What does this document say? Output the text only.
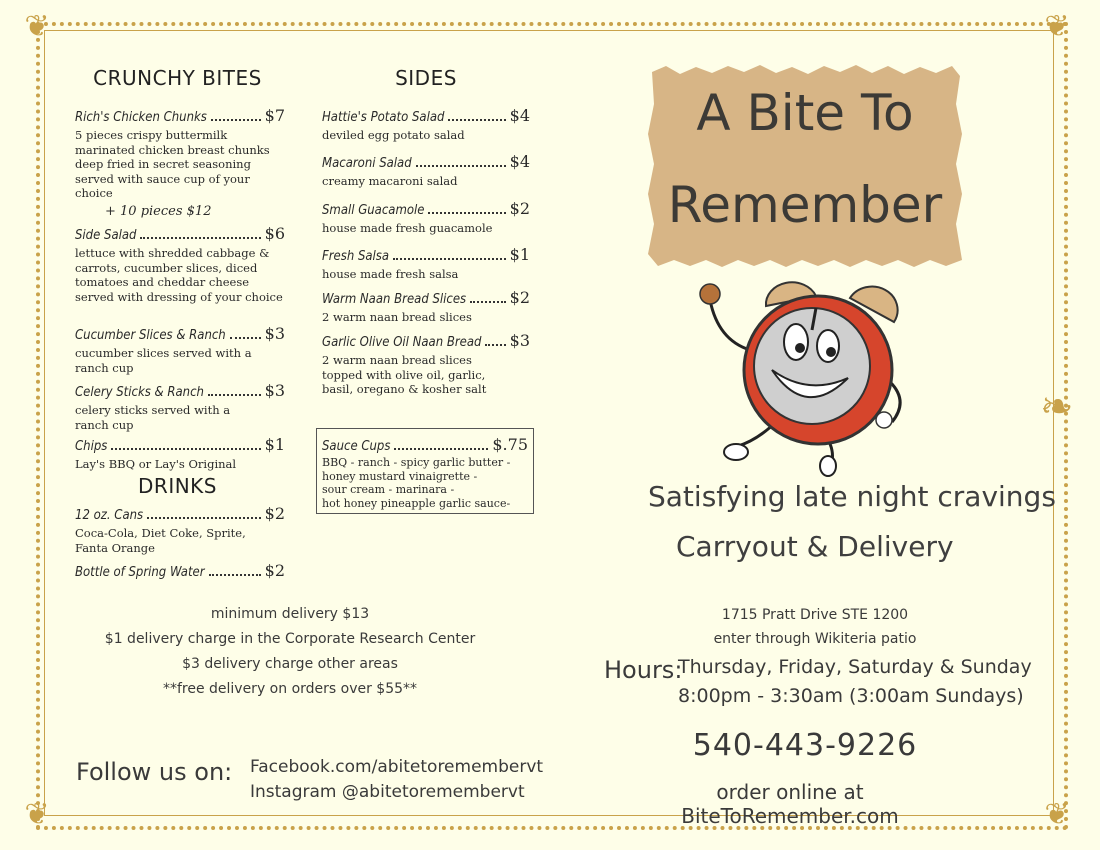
❦	❦
❦	❦
❧
CRUNCHY BITES
Rich's Chicken Chunks	$7
5 pieces crispy buttermilk marinated chicken breast chunks deep fried in secret seasoning served with sauce cup of your choice
+ 10 pieces $12
Side Salad	$6
lettuce with shredded cabbage & carrots, cucumber slices, diced tomatoes and cheddar cheese served with dressing of your choice
Cucumber Slices & Ranch $3
cucumber slices served with a ranch cup
Celery Sticks & Ranch	$3
celery sticks served with a ranch cup
Chips	$1
Lay's BBQ or Lay's Original
DRINKS
12 oz. Cans	$2
Coca-Cola, Diet Coke, Sprite, Fanta Orange
Bottle of Spring Water	$2
SIDES
Hattie's Potato Salad	$4
deviled egg potato salad
Macaroni Salad	$4
creamy macaroni salad
Small Guacamole	$2
house made fresh guacamole
Fresh Salsa	$1
house made fresh salsa
Warm Naan Bread Slices	$2
2 warm naan bread slices
Garlic Olive Oil Naan Bread $3
2 warm naan bread slices topped with olive oil, garlic, basil, oregano & kosher salt
Sauce Cups	$.75
BBQ - ranch - spicy garlic butter -
honey mustard vinaigrette -
sour cream - marinara -
hot honey pineapple garlic sauce-
minimum delivery $13
$1 delivery charge in the Corporate Research Center
$3 delivery charge other areas
**free delivery on orders over $55**
Follow us on: Facebook.com/abitetoremembervt
Instagram @abitetoremembervt
A Bite To
Remember
Satisfying late night cravings
Carryout & Delivery
1715 Pratt Drive STE 1200
enter through Wikiteria patio
Hours:
Thursday, Friday, Saturday & Sunday
8:00pm - 3:30am (3:00am Sundays)
540-443-9226
order online at BiteToRemember.com
